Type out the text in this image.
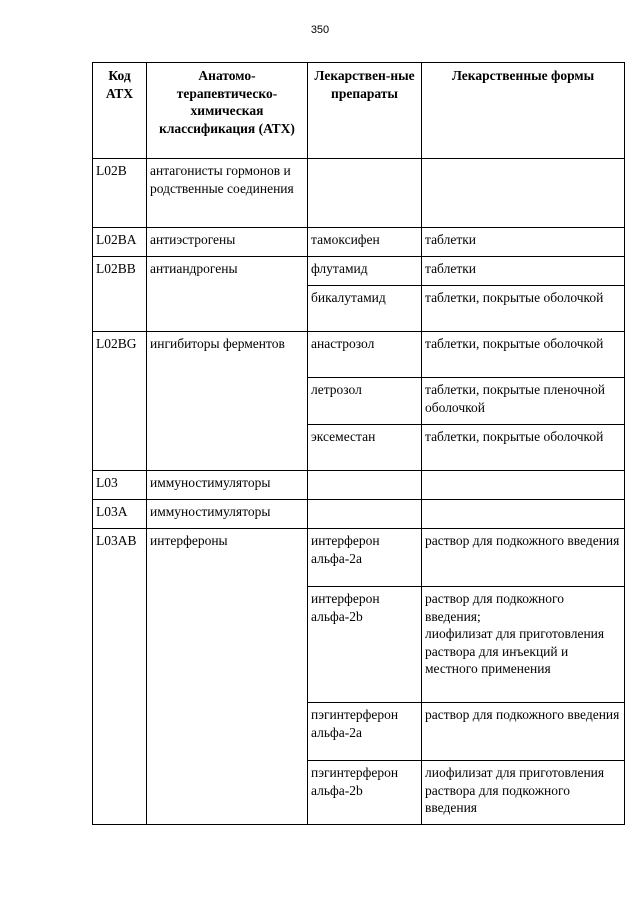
350
Код АТХ	Анатомо-терапевтическо-химическая классификация (АТХ)	Лекарствен-ные препараты	Лекарственные формы
L02B	антагонисты гормонов и родственные соединения		
L02BA	антиэстрогены	тамоксифен	таблетки
L02BB	антиандрогены	флутамид	таблетки
		бикалутамид	таблетки, покрытые оболочкой
L02BG	ингибиторы ферментов	анастрозол	таблетки, покрытые оболочкой
		летрозол	таблетки, покрытые пленочной оболочкой
		эксеместан	таблетки, покрытые оболочкой
L03	иммуностимуляторы		
L03A	иммуностимуляторы		
L03AB	интерфероны	интерферон альфа-2a	раствор для подкожного введения
		интерферон альфа-2b	раствор для подкожного введения;
лиофилизат для приготовления раствора для инъекций и местного применения

		пэгинтерферон альфа-2a	раствор для подкожного введения
		пэгинтерферон альфа-2b	лиофилизат для приготовления раствора для подкожного введения
